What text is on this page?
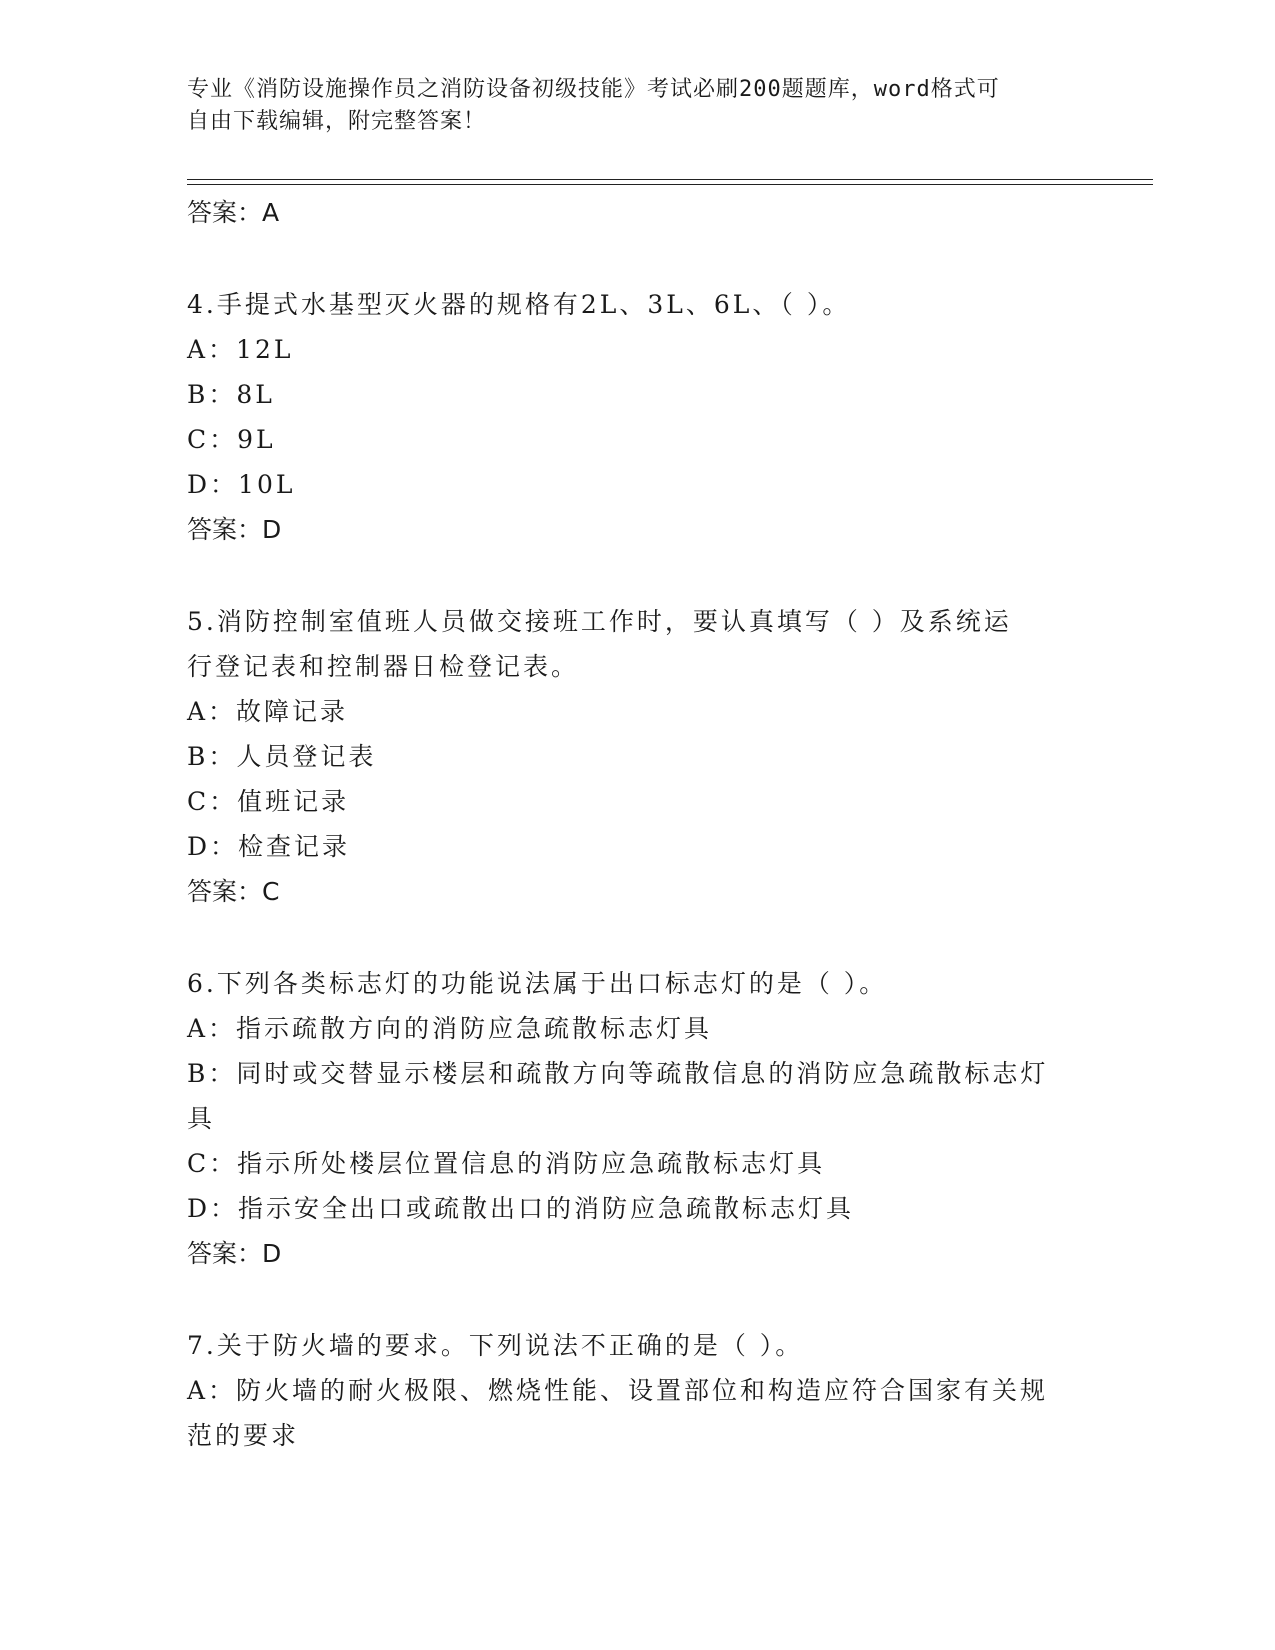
专业《消防设施操作员之消防设备初级技能》考试必刷200题题库，word格式可
自由下载编辑，附完整答案！
答案：A
4.手提式水基型灭火器的规格有2L、3L、6L、（ ）。
A：12L
B：8L
C：9L
D：10L
答案：D
5.消防控制室值班人员做交接班工作时，要认真填写（ ）及系统运
行登记表和控制器日检登记表。
A：故障记录
B：人员登记表
C：值班记录
D：检查记录
答案：C
6.下列各类标志灯的功能说法属于出口标志灯的是（ ）。
A：指示疏散方向的消防应急疏散标志灯具
B：同时或交替显示楼层和疏散方向等疏散信息的消防应急疏散标志灯
具
C：指示所处楼层位置信息的消防应急疏散标志灯具
D：指示安全出口或疏散出口的消防应急疏散标志灯具
答案：D
7.关于防火墙的要求。下列说法不正确的是（ ）。
A：防火墙的耐火极限、燃烧性能、设置部位和构造应符合国家有关规
范的要求
